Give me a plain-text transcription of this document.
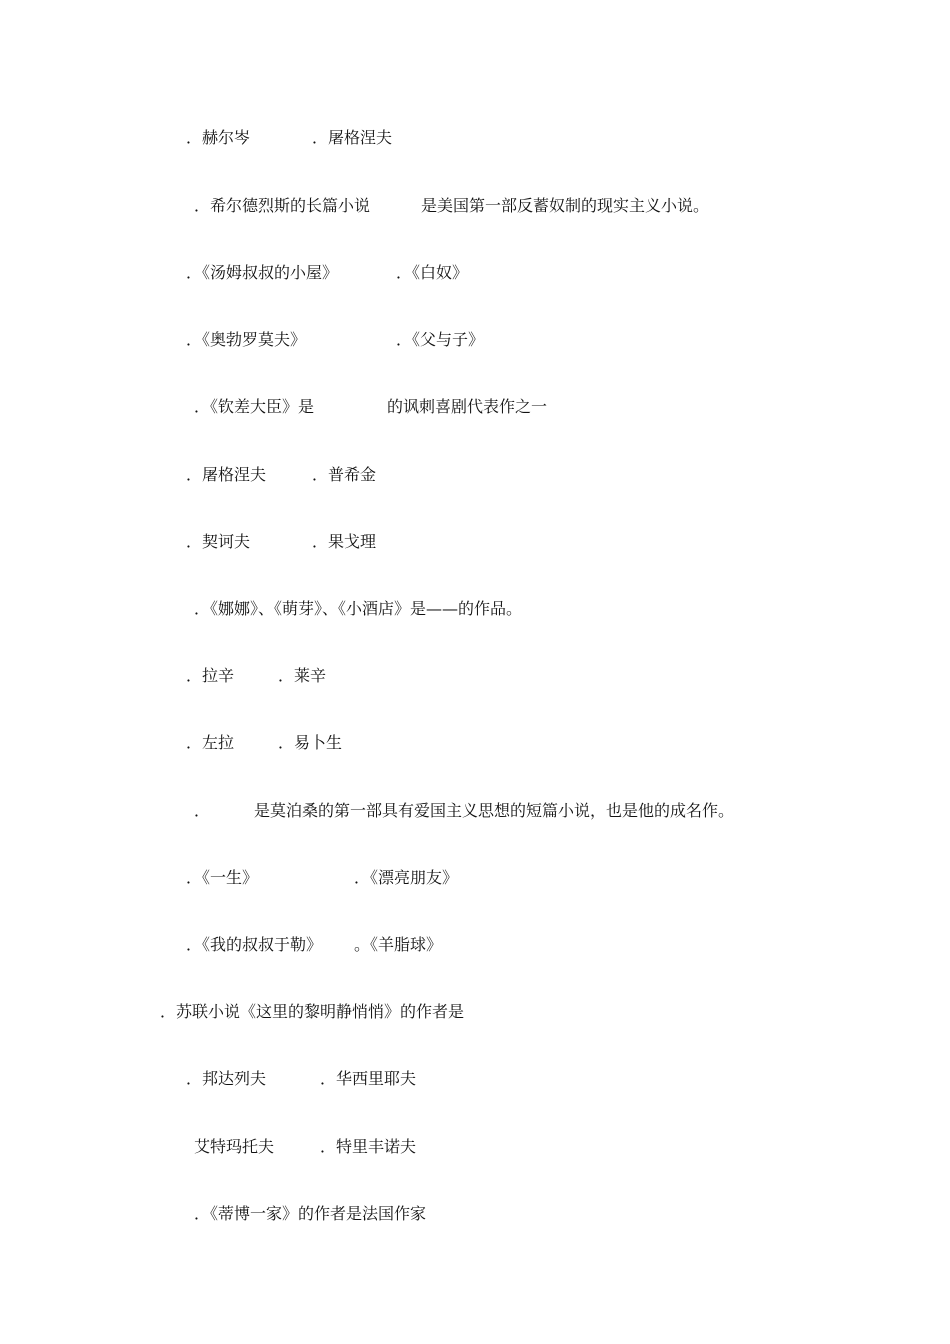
．赫尔岑	．屠格涅夫
．希尔德烈斯的长篇小说	是美国第一部反蓄奴制的现实主义小说。
．《汤姆叔叔的小屋》	．《白奴》
．《奥勃罗莫夫》	．《父与子》
．《钦差大臣》是	的讽刺喜剧代表作之一
．屠格涅夫	．普希金
．契诃夫	．果戈理
．《娜娜》、《萌芽》、《小酒店》是——的作品。
．拉辛	．莱辛
．左拉	．易卜生
．	是莫泊桑的第一部具有爱国主义思想的短篇小说，也是他的成名作。
．《一生》	．《漂亮朋友》
．《我的叔叔于勒》 。《羊脂球》
．苏联小说《这里的黎明静悄悄》的作者是
．邦达列夫	．华西里耶夫
艾特玛托夫	．特里丰诺夫
．《蒂博一家》的作者是法国作家
